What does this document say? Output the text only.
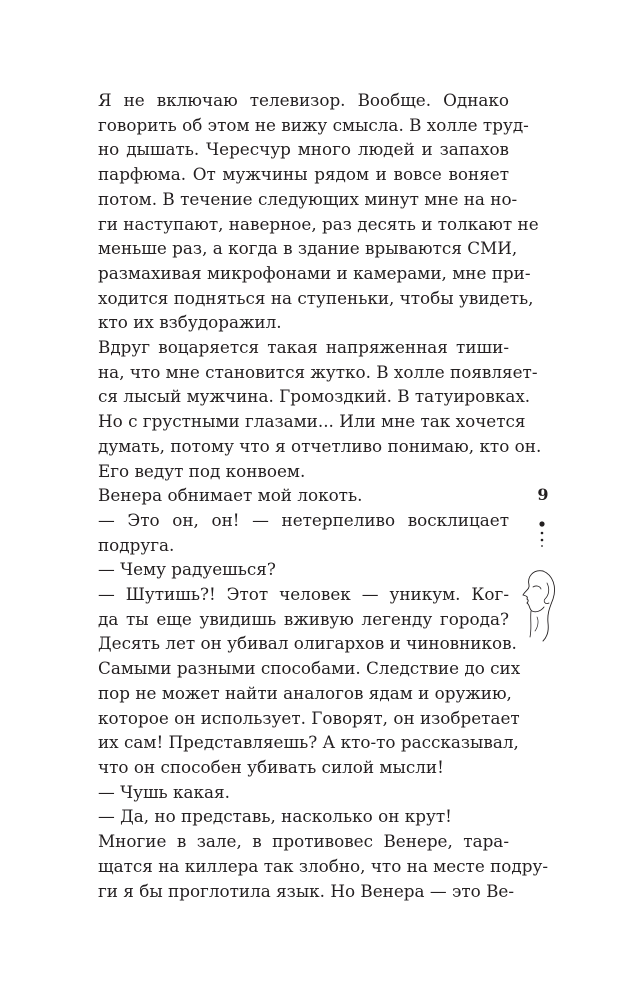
Я не включаю телевизор. Вообще. Однако
говорить об этом не вижу смысла. В холле труд-
но дышать. Чересчур много людей и запахов
парфюма. От мужчины рядом и вовсе воняет
потом. В течение следующих минут мне на но-
ги наступают, наверное, раз десять и толкают не
меньше раз, а когда в здание врываются СМИ,
размахивая микрофонами и камерами, мне при-
ходится подняться на ступеньки, чтобы увидеть,
кто их взбудоражил.

Вдруг воцаряется такая напряженная тиши-
на, что мне становится жутко. В холле появляет-
ся лысый мужчина. Громоздкий. В татуировках.
Но с грустными глазами... Или мне так хочется
думать, потому что я отчетливо понимаю, кто он.
Его ведут под конвоем.

Венера обнимает мой локоть.

— Это он, он! — нетерпеливо восклицает
подруга.

— Чему радуешься?

— Шутишь?! Этот человек — уникум. Ког-
да ты еще увидишь вживую легенду города?
Десять лет он убивал олигархов и чиновников.
Самыми разными способами. Следствие до сих
пор не может найти аналогов ядам и оружию,
которое он использует. Говорят, он изобретает
их сам! Представляешь? А кто-то рассказывал,
что он способен убивать силой мысли!

— Чушь какая.

— Да, но представь, насколько он крут!

Многие в зале, в противовес Венере, тара-
щатся на киллера так злобно, что на месте подру-
ги я бы проглотила язык. Но Венера — это Ве-

9
